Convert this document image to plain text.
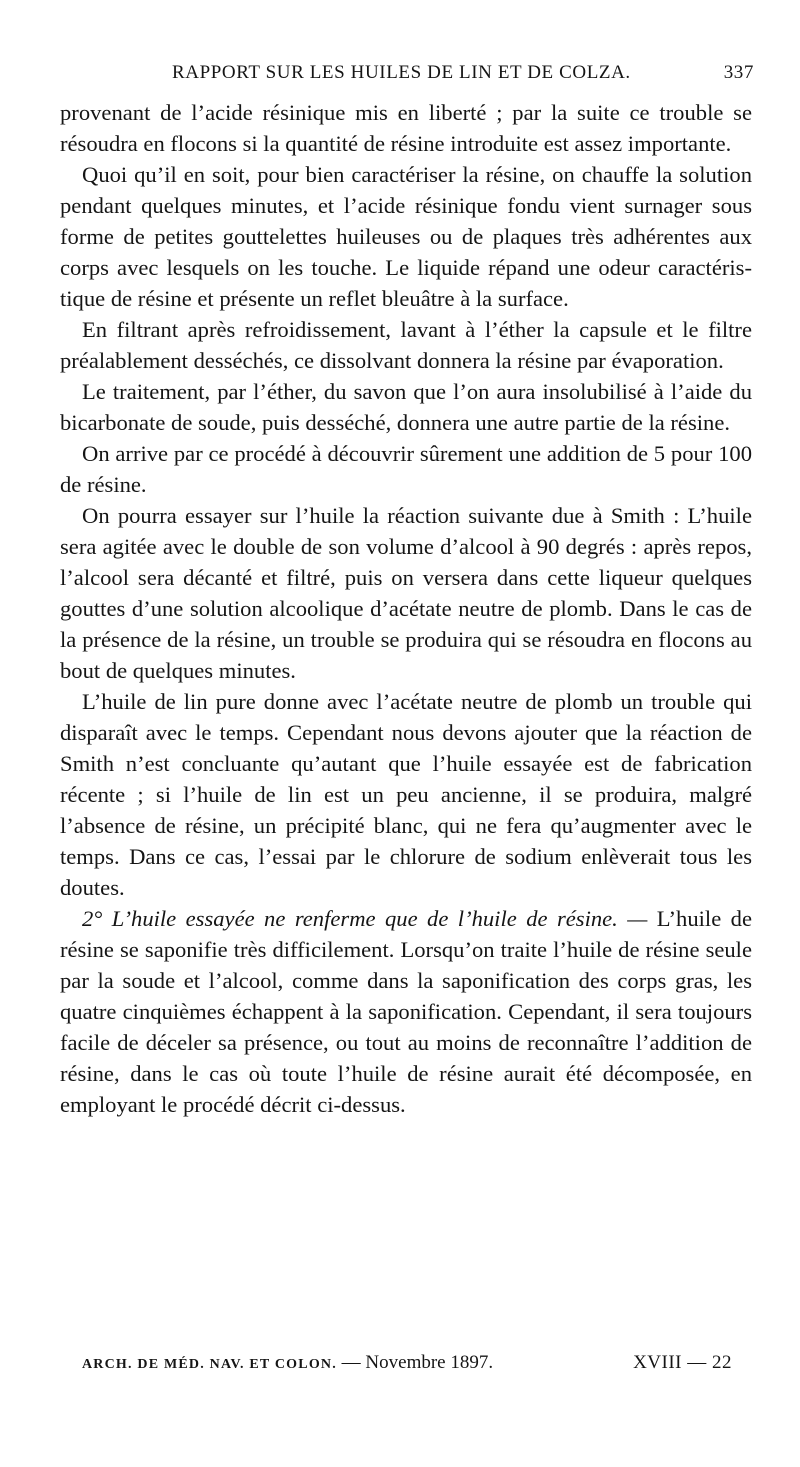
RAPPORT SUR LES HUILES DE LIN ET DE COLZA.	337

provenant de l’acide résinique mis en liberté ; par la suite ce trouble se résoudra en flocons si la quantité de résine introduite est assez importante.

Quoi qu’il en soit, pour bien caractériser la résine, on chauffe la solution pendant quelques minutes, et l’acide résinique fondu vient surnager sous forme de petites gouttelettes huileuses ou de plaques très adhérentes aux corps avec lesquels on les touche. Le liquide répand une odeur caractéristique de résine et présente un reflet bleuâtre à la surface.

En filtrant après refroidissement, lavant à l’éther la capsule et le filtre préalablement desséchés, ce dissolvant donnera la résine par évaporation.

Le traitement, par l’éther, du savon que l’on aura insolubilisé à l’aide du bicarbonate de soude, puis desséché, donnera une autre partie de la résine.

On arrive par ce procédé à découvrir sûrement une addition de 5 pour 100 de résine.

On pourra essayer sur l’huile la réaction suivante due à Smith : L’huile sera agitée avec le double de son volume d’alcool à 90 degrés : après repos, l’alcool sera décanté et filtré, puis on versera dans cette liqueur quelques gouttes d’une solution alcoolique d’acétate neutre de plomb. Dans le cas de la présence de la résine, un trouble se produira qui se résoudra en flocons au bout de quelques minutes.

L’huile de lin pure donne avec l’acétate neutre de plomb un trouble qui disparaît avec le temps. Cependant nous devons ajouter que la réaction de Smith n’est concluante qu’autant que l’huile essayée est de fabrication récente ; si l’huile de lin est un peu ancienne, il se produira, malgré l’absence de résine, un précipité blanc, qui ne fera qu’augmenter avec le temps. Dans ce cas, l’essai par le chlorure de sodium enlèverait tous les doutes.

2° L’huile essayée ne renferme que de l’huile de résine. — L’huile de résine se saponifie très difficilement. Lorsqu’on traite l’huile de résine seule par la soude et l’alcool, comme dans la saponification des corps gras, les quatre cinquièmes échappent à la saponification. Cependant, il sera toujours facile de déceler sa présence, ou tout au moins de reconnaître l’addition de résine, dans le cas où toute l’huile de résine aurait été décomposée, en employant le procédé décrit ci-dessus.

ARCH. DE MÉD. NAV. ET COLON. — Novembre 1897.	XVIII — 22
